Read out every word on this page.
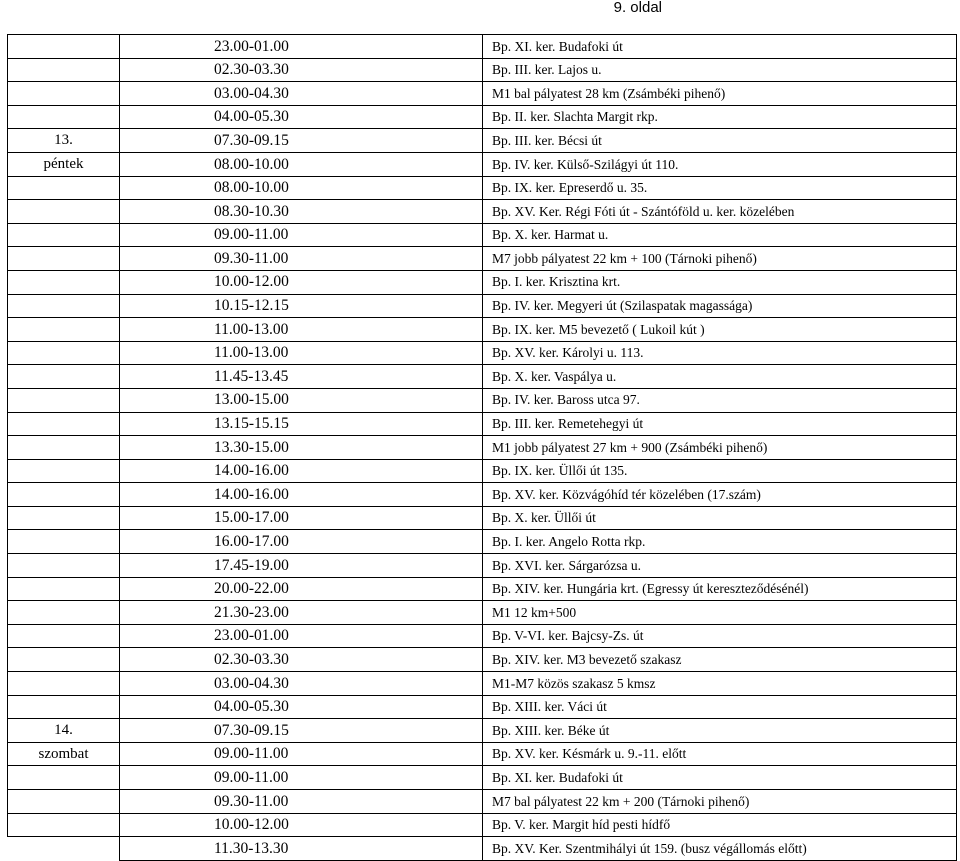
9. oldal
	23.00-01.00	Bp. XI. ker. Budafoki út
	02.30-03.30	Bp. III. ker. Lajos u.
	03.00-04.30	M1 bal pályatest 28 km (Zsámbéki pihenő)
	04.00-05.30	Bp. II. ker. Slachta Margit rkp.
13.	07.30-09.15	Bp. III. ker. Bécsi út
péntek	08.00-10.00	Bp. IV. ker. Külső-Szilágyi út 110.
	08.00-10.00	Bp. IX. ker. Epreserdő u. 35.
	08.30-10.30	Bp. XV. Ker. Régi Fóti út - Szántóföld u. ker. közelében
	09.00-11.00	Bp. X. ker. Harmat u.
	09.30-11.00	M7 jobb pályatest 22 km + 100 (Tárnoki pihenő)
	10.00-12.00	Bp. I. ker. Krisztina krt.
	10.15-12.15	Bp. IV. ker. Megyeri út (Szilaspatak magassága)
	11.00-13.00	Bp. IX. ker. M5 bevezető ( Lukoil kút )
	11.00-13.00	Bp. XV. ker. Károlyi u. 113.
	11.45-13.45	Bp. X. ker. Vaspálya u.
	13.00-15.00	Bp. IV. ker. Baross utca 97.
	13.15-15.15	Bp. III. ker. Remetehegyi út
	13.30-15.00	M1 jobb pályatest 27 km + 900 (Zsámbéki pihenő)
	14.00-16.00	Bp. IX. ker. Üllői út 135.
	14.00-16.00	Bp. XV. ker. Közvágóhíd tér közelében (17.szám)
	15.00-17.00	Bp. X. ker. Üllői út
	16.00-17.00	Bp. I. ker. Angelo Rotta rkp.
	17.45-19.00	Bp. XVI. ker. Sárgarózsa u.
	20.00-22.00	Bp. XIV. ker. Hungária krt. (Egressy út kereszteződésénél)
	21.30-23.00	M1 12 km+500
	23.00-01.00	Bp. V-VI. ker. Bajcsy-Zs. út
	02.30-03.30	Bp. XIV. ker. M3 bevezető szakasz
	03.00-04.30	M1-M7 közös szakasz 5 kmsz
	04.00-05.30	Bp. XIII. ker. Váci út
14.	07.30-09.15	Bp. XIII. ker. Béke út
szombat	09.00-11.00	Bp. XV. ker. Késmárk u. 9.-11. előtt
	09.00-11.00	Bp. XI. ker. Budafoki út
	09.30-11.00	M7 bal pályatest 22 km + 200 (Tárnoki pihenő)
	10.00-12.00	Bp. V. ker. Margit híd pesti hídfő
	11.30-13.30	Bp. XV. Ker. Szentmihályi út 159. (busz végállomás előtt)
